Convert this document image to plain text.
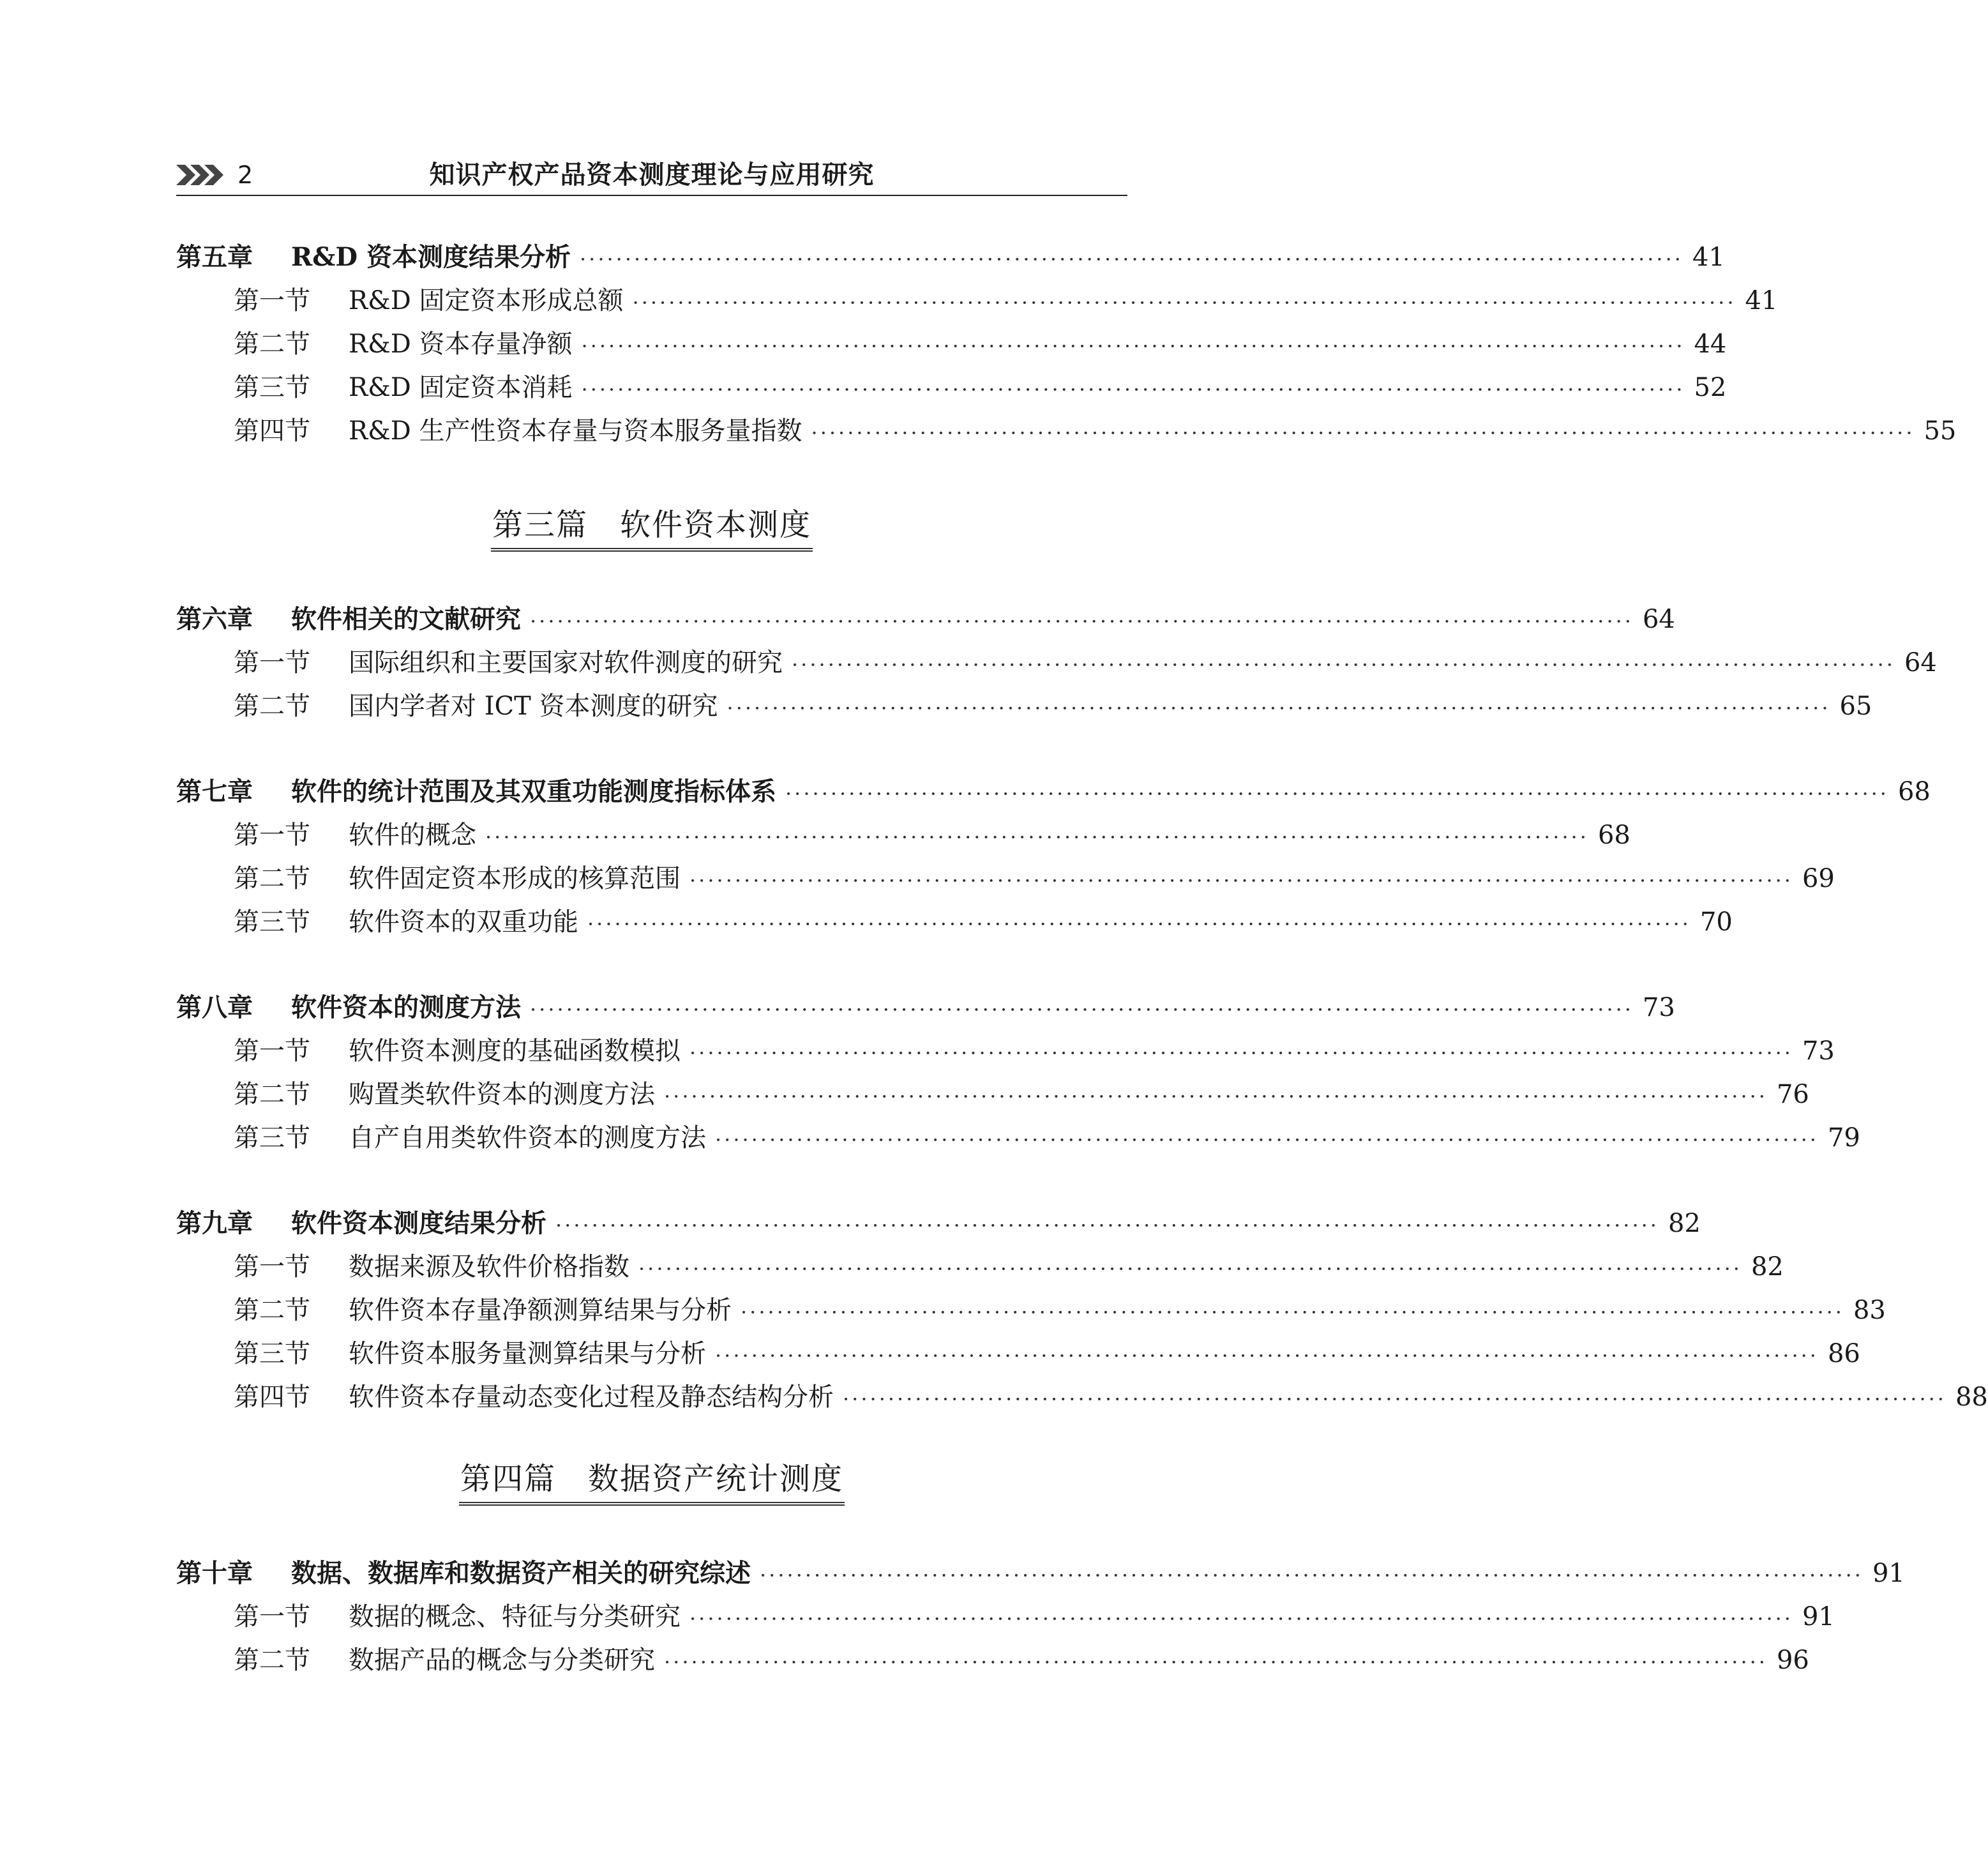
2	知识产权产品资本测度理论与应用研究
第五章 R&D 资本测度结果分析 ·························································································································· 41
第一节 R&D 固定资本形成总额 ·························································································································· 41
第二节 R&D 资本存量净额 ·························································································································· 44
第三节 R&D 固定资本消耗 ·························································································································· 52
第四节 R&D 生产性资本存量与资本服务量指数 ·························································································································· 55
第三篇　软件资本测度
第六章 软件相关的文献研究 ·························································································································· 64
第一节 国际组织和主要国家对软件测度的研究 ·························································································································· 64
第二节 国内学者对 ICT 资本测度的研究 ·························································································································· 65
第七章 软件的统计范围及其双重功能测度指标体系 ·························································································································· 68
第一节 软件的概念 ·························································································································· 68
第二节 软件固定资本形成的核算范围 ·························································································································· 69
第三节 软件资本的双重功能 ·························································································································· 70
第八章 软件资本的测度方法 ·························································································································· 73
第一节 软件资本测度的基础函数模拟 ·························································································································· 73
第二节 购置类软件资本的测度方法 ·························································································································· 76
第三节 自产自用类软件资本的测度方法 ·························································································································· 79
第九章 软件资本测度结果分析 ·························································································································· 82
第一节 数据来源及软件价格指数 ·························································································································· 82
第二节 软件资本存量净额测算结果与分析 ·························································································································· 83
第三节 软件资本服务量测算结果与分析 ·························································································································· 86
第四节 软件资本存量动态变化过程及静态结构分析 ·························································································································· 88
第四篇　数据资产统计测度
第十章 数据、数据库和数据资产相关的研究综述 ·························································································································· 91
第一节 数据的概念、特征与分类研究 ·························································································································· 91
第二节 数据产品的概念与分类研究 ·························································································································· 96
